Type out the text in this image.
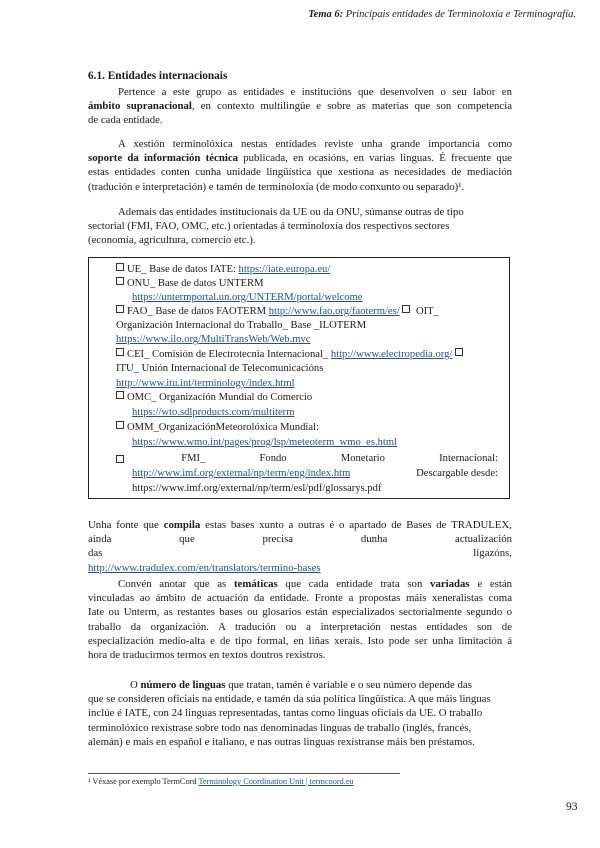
Tema 6: Principais entidades de Terminoloxía e Terminografía.
6.1. Entidades internacionais
Pertence a este grupo as entidades e institucións que desenvolven o seu labor en
ámbito supranacional, en contexto multilingüe e sobre as materias que son competencia
de cada entidade.
A xestión terminolóxica nestas entidades reviste unha grande importancia como
soporte da información técnica publicada, en ocasións, en varias linguas. É frecuente que
estas entidades conten cunha unidade lingüística que xestiona as necesidades de mediación
(tradución e interpretación) e tamén de terminoloxía (de modo conxunto ou separado)¹.
Ademais das entidades institucionais da UE ou da ONU, súmanse outras de tipo
sectorial (FMI, FAO, OMC, etc.) orientadas á terminoloxía dos respectivos sectores
(economía, agricultura, comercio etc.).
UE_ Base de datos IATE: https://iate.europa.eu/
ONU_ Base de datos UNTERM
https://untermportal.un.org/UNTERM/portal/welcome
FAO_ Base de datos FAOTERM http://www.fao.org/faoterm/es/  OIT_
Organización Internacional do Traballo_ Base _ILOTERM
https://www.ilo.org/MultiTransWeb/Web.mvc
CEI_ Comisión de Electrotecnia Internacional_ http://www.electropedia.org/
ITU_ Unión Internacional de Telecomunicacións
http://www.itu.int/terminology/index.html
OMC_ Organización Mundial do Comercio
https://wto.sdlproducts.com/multiterm
OMM_OrganizaciónMeteorolóxica Mundial:
https://www.wmo.int/pages/prog/lsp/meteoterm_wmo_es.html
FMI_	Fondo	Monetario	Internacional:
http://www.imf.org/external/np/term/eng/index.htm	Descargable desde:
https://www.imf.org/external/np/term/esl/pdf/glossarys.pdf
Unha fonte que compila estas bases xunto a outras é o apartado de Bases de TRADULEX,
aínda que precisa dunha actualización das ligazóns,
http://www.tradulex.com/en/translators/termino-bases
Convén anotar que as temáticas que cada entidade trata son variadas e están
vinculadas ao ámbito de actuación da entidade. Fronte a propostas máis xeneralistas coma
Iate ou Unterm, as restantes bases ou glosarios están especializados sectorialmente segundo o
traballo da organización. A tradución ou a interpretación nestas entidades son de
especialización medio-alta e de tipo formal, en liñas xerais. Isto pode ser unha limitación á
hora de traducirmos termos en textos doutros rexistros.
O número de linguas que tratan, tamén é variable e o seu número depende das
que se consideren oficiais na entidade, e tamén da súa política lingüística. A que máis linguas
inclúe é IATE, con 24 linguas representadas, tantas como linguas oficiais da UE. O traballo
terminolóxico rexístrase sobre todo nas denominadas linguas de traballo (inglés, francés,
alemán) e mais en español e italiano, e nas outras linguas rexístranse máis ben préstamos.
¹ Véxase por exemplo TermCord Terminology Coordination Unit | termcoord.eu
93
